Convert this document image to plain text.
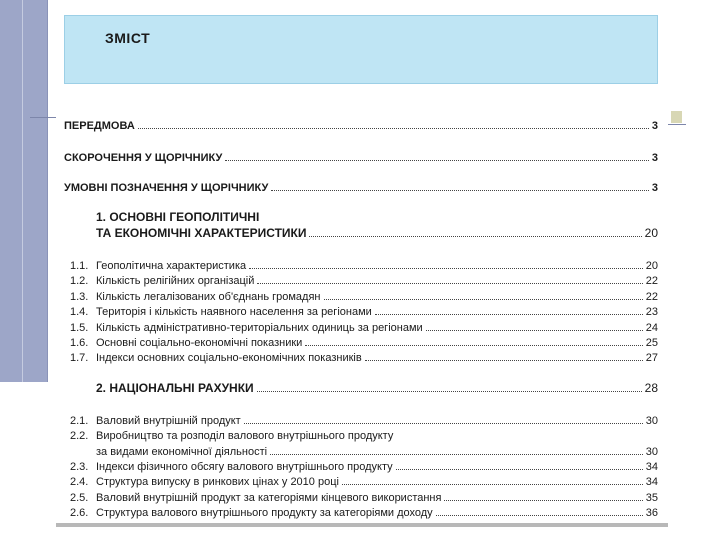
ЗМІСТ
ПЕРЕДМОВА	3
СКОРОЧЕННЯ У ЩОРІЧНИКУ	3
УМОВНІ ПОЗНАЧЕННЯ У ЩОРІЧНИКУ	3
1. ОСНОВНІ ГЕОПОЛІТИЧНІ
ТА ЕКОНОМІЧНІ ХАРАКТЕРИСТИКИ	20
1.1. Геополітична характеристика	20
1.2. Кількість релігійних організацій	22
1.3. Кількість легалізованих об'єднань громадян	22
1.4. Територія і кількість наявного населення за регіонами	23
1.5. Кількість адміністративно-територіальних одиниць за регіонами	24
1.6. Основні соціально-економічні показники	25
1.7. Індекси основних соціально-економічних показників	27
2. НАЦІОНАЛЬНІ РАХУНКИ	28
2.1. Валовий внутрішній продукт	30
2.2. Виробництво та розподіл валового внутрішнього продукту
за видами економічної діяльності	30
2.3. Індекси фізичного обсягу валового внутрішнього продукту	34
2.4. Структура випуску в ринкових цінах у 2010 році	34
2.5. Валовий внутрішній продукт за категоріями кінцевого використання	35
2.6. Структура валового внутрішнього продукту за категоріями доходу	36
